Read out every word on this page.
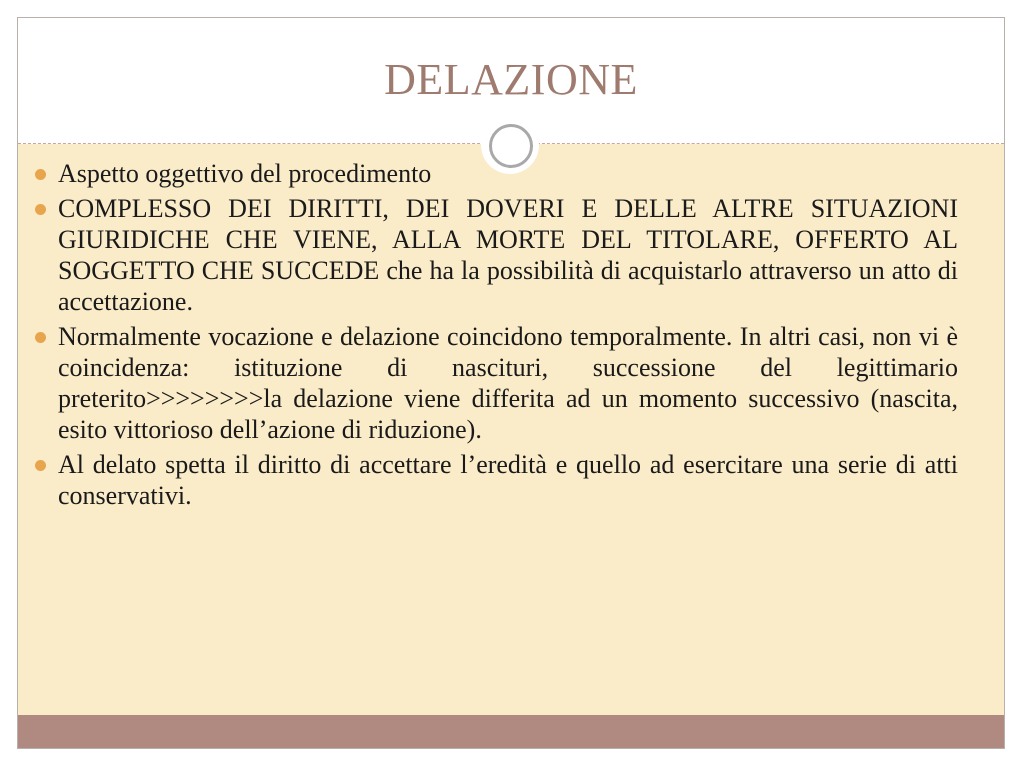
DELAZIONE
Aspetto oggettivo del procedimento
COMPLESSO DEI DIRITTI, DEI DOVERI E DELLE ALTRE SITUAZIONI GIURIDICHE CHE VIENE, ALLA MORTE DEL TITOLARE, OFFERTO AL SOGGETTO CHE SUCCEDE che ha la possibilità di acquistarlo attraverso un atto di accettazione.
Normalmente vocazione e delazione coincidono temporalmente. In altri casi, non vi è coincidenza: istituzione di nascituri, successione del legittimario preterito>>>>>>>>la delazione viene differita ad un momento successivo (nascita, esito vittorioso dell’azione di riduzione).
Al delato spetta il diritto di accettare l’eredità e quello ad esercitare una serie di atti conservativi.
